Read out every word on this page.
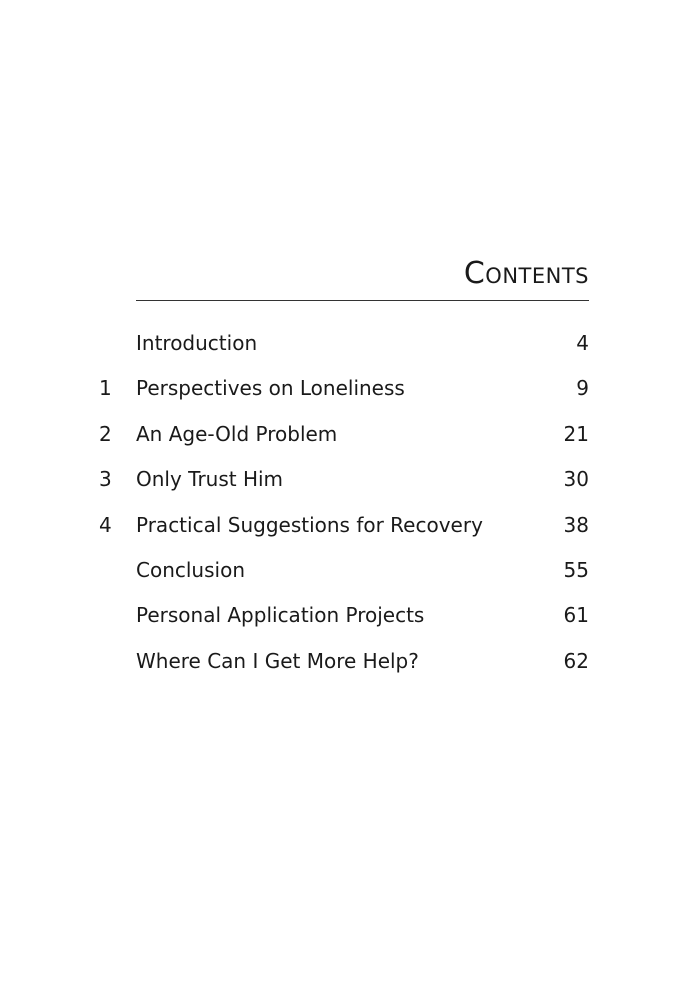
Contents
Introduction	4
1 Perspectives on Loneliness	9
2 An Age-Old Problem	21
3 Only Trust Him	30
4 Practical Suggestions for Recovery	38
Conclusion	55
Personal Application Projects	61
Where Can I Get More Help?	62
